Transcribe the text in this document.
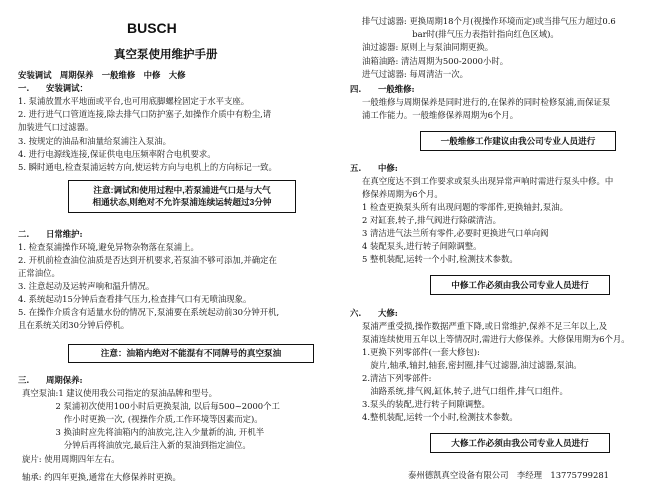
BUSCH
真空泵使用维护手册
安装调试　周期保养　一般维修　中修　大修
一.　　安装调试：
1. 泵浦放置水平地面或平台,也可用底脚螺栓固定于水平支座。
2. 进行进气口管道连接,除去排气口防护塞子,如操作介质中有粉尘,请
加装进气口过滤器。
3. 按规定的油品和油量给泵浦注入泵油。
4. 进行电源线连接,保证供电电压频率附合电机要求。
5. 瞬时通电,检查泵浦运转方向,使运转方向与电机上的方向标记一致。
注意:调试和使用过程中,若泵浦进气口是与大气
相通状态,则绝对不允许泵浦连续运转超过3分钟
二.　　日常维护:
1. 检查泵浦操作环境,避免异物杂物落在泵浦上。
2. 开机前检查油位油质是否达到开机要求,若泵油不够可添加,并确定在
正常油位。
3. 注意起动及运转声响和温升情况。
4. 系统起动15分钟后查看排气压力,检查排气口有无喷油现象。
5. 在操作介质含有适量水份的情况下,泵浦要在系统起动前30分钟开机,
且在系统关闭30分钟后停机。
注意：油箱内绝对不能混有不同牌号的真空泵油
三.　　周期保养:
真空泵油:1 建议使用我公司指定的泵油品牌和型号。
　　　　2 泵浦初次使用100小时后更换泵油, 以后每500~2000个工
　　　　　作小时更换一次, (视操作介质,工作环境等因素而定)。
　　　　3 换油时应先将油箱内的油放完,注入少量新的油, 开机半
　　　　　分钟后再将油放完,最后注入新的泵油到指定油位。
旋片: 使用周期四年左右。
轴承: 约四年更换,通常在大修保养时更换。
排气过滤器: 更换周期18个月(视操作环境而定)或当排气压力超过0.6
　　　　　　bar时(排气压力表指针指向红色区域)。
油过滤器: 原则上与泵油同期更换。
油箱油路: 清洁周期为500-2000小时。
进气过滤器: 每周清洁一次。
四.　　一般维修:
一般维修与周期保养是同时进行的,在保养的同时检修泵浦,而保证泵
浦工作能力。一般维修保养周期为6个月。
一般维修工作建议由我公司专业人员进行
五.　　中修:
在真空度达不到工作要求或泵头出现异常声响时需进行泵头中修。中
修保养周期为6个月。
1 检查更换泵头所有出现问题的零部件,更换轴封,泵油。
2 对缸套,转子,排气阀进行除碳清洁。
3 清洁进气法兰所有零件,必要时更换进气口单向阀
4 装配泵头,进行转子间隙调整。
5 整机装配,运转一个小时,检测技术参数。
中修工作必须由我公司专业人员进行
六.　　大修:
泵浦严重受损,操作数据严重下降,或日常维护,保养不足三年以上,及
泵浦连续使用五年以上等情况时,需进行大修保养。大修保用期为6个月。
1.更换下列零部件(一套大修包):
　旋片,轴承,轴封,轴套,密封圈,排气过滤器,油过滤器,泵油。
2.清洁下列零部件:
　油路系统,排气阀,缸体,转子,进气口组件,排气口组件。
3.泵头的装配,进行转子间隙调整。
4.整机装配,运转一个小时,检测技术参数。
大修工作必须由我公司专业人员进行
泰州德凯真空设备有限公司　李经理　13775799281
